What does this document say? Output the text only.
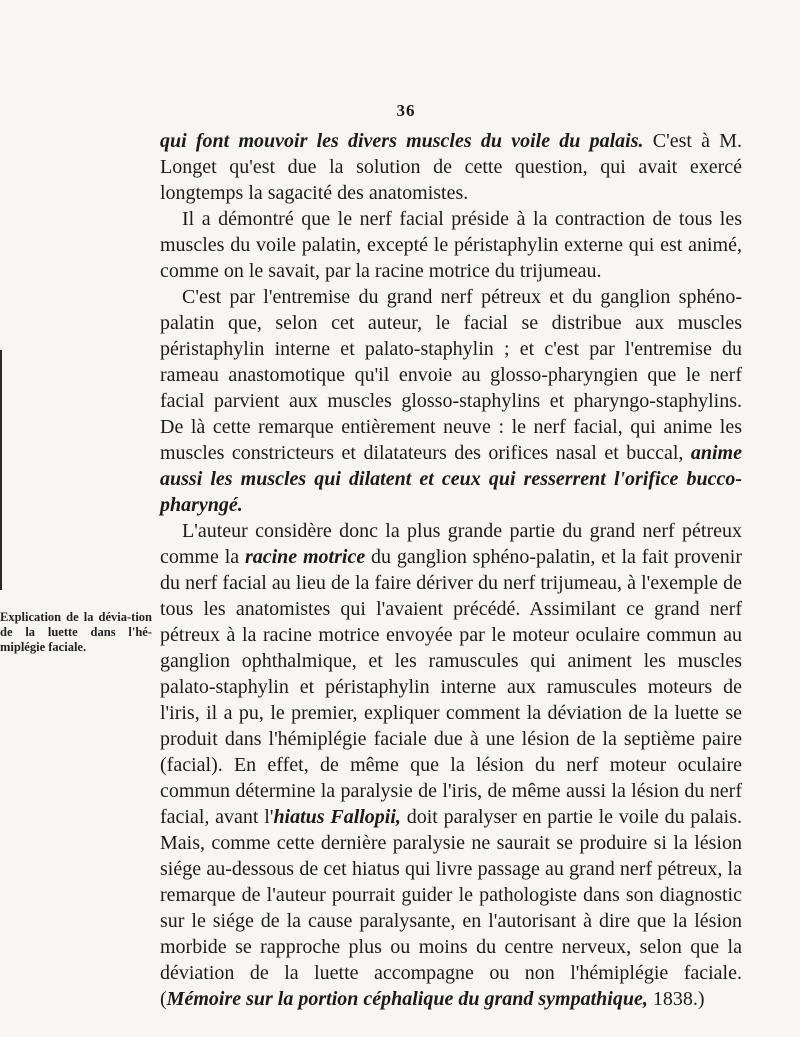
36

qui font mouvoir les divers muscles du voile du palais. C'est à M. Longet qu'est due la solution de cette question, qui avait exercé longtemps la sagacité des anatomistes.

Il a démontré que le nerf facial préside à la contraction de tous les muscles du voile palatin, excepté le péristaphylin externe qui est animé, comme on le savait, par la racine motrice du trijumeau.

C'est par l'entremise du grand nerf pétreux et du ganglion sphéno-palatin que, selon cet auteur, le facial se distribue aux muscles péristaphylin interne et palato-staphylin ; et c'est par l'entremise du rameau anastomotique qu'il envoie au glosso-pharyngien que le nerf facial parvient aux muscles glosso-staphylins et pharyngo-staphylins. De là cette remarque entièrement neuve : le nerf facial, qui anime les muscles constricteurs et dilatateurs des orifices nasal et buccal, anime aussi les muscles qui dilatent et ceux qui resserrent l'orifice bucco-pharyngé.

L'auteur considère donc la plus grande partie du grand nerf pétreux comme la racine motrice du ganglion sphéno-palatin, et la fait provenir du nerf facial au lieu de la faire dériver du nerf trijumeau, à l'exemple de tous les anatomistes qui l'avaient précédé. Assimilant ce grand nerf pétreux à la racine motrice envoyée par le moteur oculaire commun au ganglion ophthalmique, et les ramuscules qui animent les muscles palato-staphylin et péristaphylin interne aux ramuscules moteurs de l'iris, il a pu, le premier, expliquer comment la déviation de la luette se produit dans l'hémiplégie faciale due à une lésion de la septième paire (facial). En effet, de même que la lésion du nerf moteur oculaire commun détermine la paralysie de l'iris, de même aussi la lésion du nerf facial, avant l'hiatus Fallopii, doit paralyser en partie le voile du palais. Mais, comme cette dernière paralysie ne saurait se produire si la lésion siége au-dessous de cet hiatus qui livre passage au grand nerf pétreux, la remarque de l'auteur pourrait guider le pathologiste dans son diagnostic sur le siége de la cause paralysante, en l'autorisant à dire que la lésion morbide se rapproche plus ou moins du centre nerveux, selon que la déviation de la luette accompagne ou non l'hémiplégie faciale. (Mémoire sur la portion céphalique du grand sympathique, 1838.)

Explication de la dévia-tion de la luette dans l'hé-miplégie faciale.
